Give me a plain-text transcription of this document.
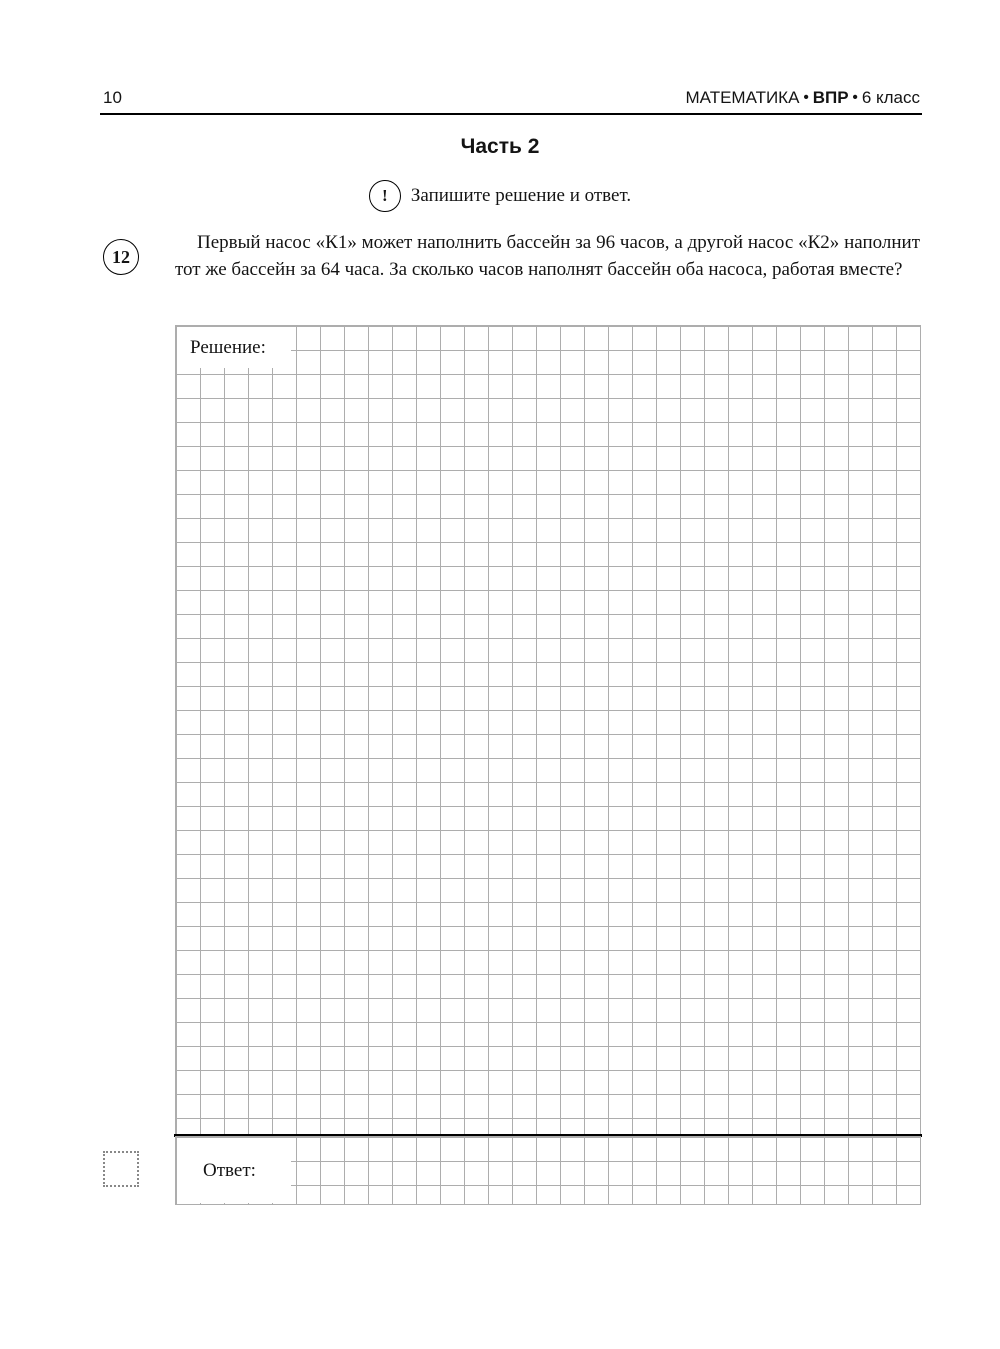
10	МАТЕМАТИКА • ВПР • 6 класс
Часть 2
!	Запишите решение и ответ.
12
Первый насос «К1» может наполнить бассейн за 96 часов, а другой насос «К2» наполнит тот же бассейн за 64 часа. За сколько часов наполнят бассейн оба насоса, работая вместе?
Решение:
Ответ:
